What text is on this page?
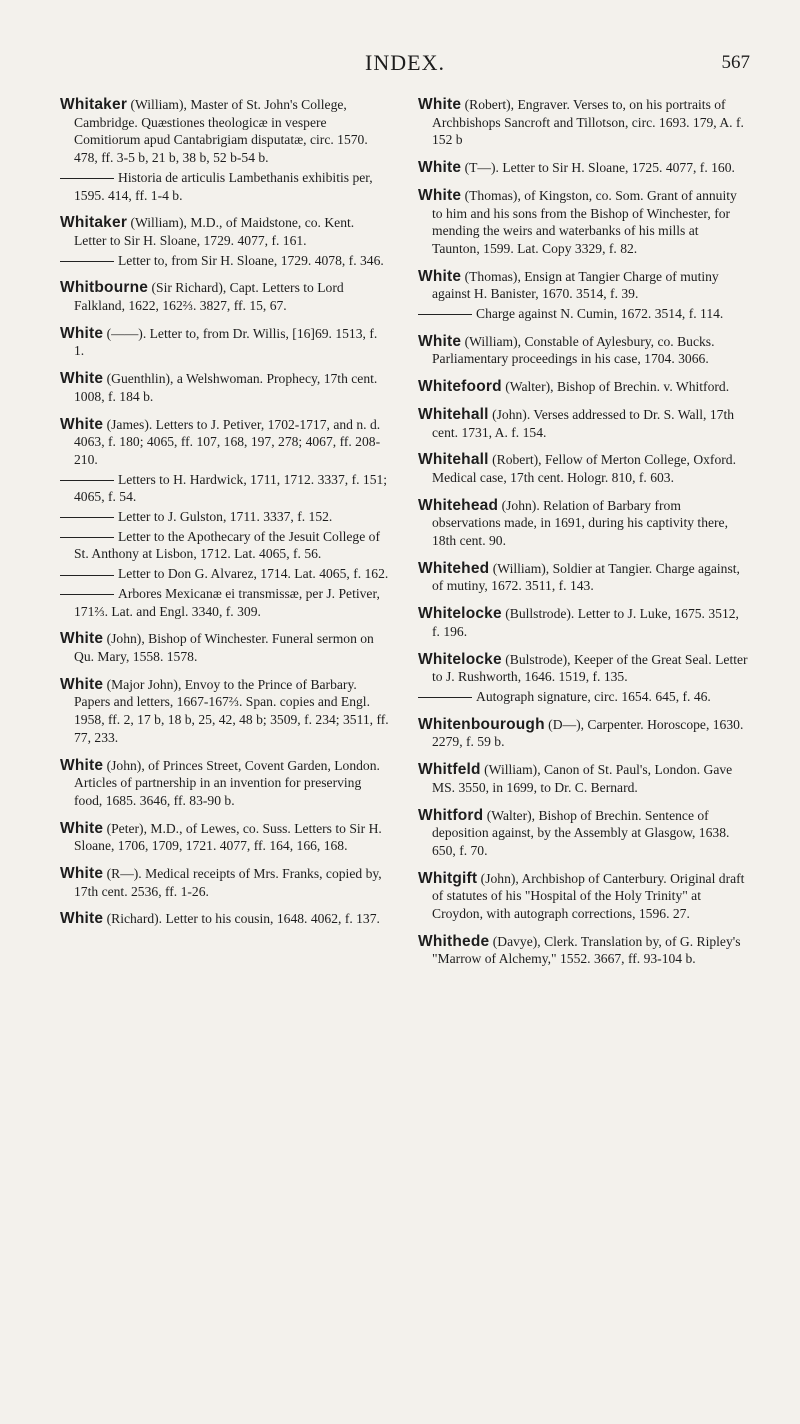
INDEX.	567

Whitaker (William), Master of St. John's College, Cambridge. Quæstiones theologicæ in vespere Comitiorum apud Cantabrigiam disputatæ, circ. 1570. 478, ff. 3-5 b, 21 b, 38 b, 52 b-54 b.

Historia de articulis Lambethanis exhibitis per, 1595. 414, ff. 1-4 b.

Whitaker (William), M.D., of Maidstone, co. Kent. Letter to Sir H. Sloane, 1729. 4077, f. 161.

Letter to, from Sir H. Sloane, 1729. 4078, f. 346.

Whitbourne (Sir Richard), Capt. Letters to Lord Falkland, 1622, 162⅔. 3827, ff. 15, 67.

White (——). Letter to, from Dr. Willis, [16]69. 1513, f. 1.

White (Guenthlin), a Welshwoman. Prophecy, 17th cent. 1008, f. 184 b.

White (James). Letters to J. Petiver, 1702-1717, and n. d. 4063, f. 180; 4065, ff. 107, 168, 197, 278; 4067, ff. 208-210.

Letters to H. Hardwick, 1711, 1712. 3337, f. 151; 4065, f. 54.

Letter to J. Gulston, 1711. 3337, f. 152.

Letter to the Apothecary of the Jesuit College of St. Anthony at Lisbon, 1712. Lat. 4065, f. 56.

Letter to Don G. Alvarez, 1714. Lat. 4065, f. 162.

Arbores Mexicanæ ei transmissæ, per J. Petiver, 171⅔. Lat. and Engl. 3340, f. 309.

White (John), Bishop of Winchester. Funeral sermon on Qu. Mary, 1558. 1578.

White (Major John), Envoy to the Prince of Barbary. Papers and letters, 1667-167⅔. Span. copies and Engl. 1958, ff. 2, 17 b, 18 b, 25, 42, 48 b; 3509, f. 234; 3511, ff. 77, 233.

White (John), of Princes Street, Covent Garden, London. Articles of partnership in an invention for preserving food, 1685. 3646, ff. 83-90 b.

White (Peter), M.D., of Lewes, co. Suss. Letters to Sir H. Sloane, 1706, 1709, 1721. 4077, ff. 164, 166, 168.

White (R—). Medical receipts of Mrs. Franks, copied by, 17th cent. 2536, ff. 1-26.

White (Richard). Letter to his cousin, 1648. 4062, f. 137.

White (Robert), Engraver. Verses to, on his portraits of Archbishops Sancroft and Tillotson, circ. 1693. 179, A. f. 152 b

White (T—). Letter to Sir H. Sloane, 1725. 4077, f. 160.

White (Thomas), of Kingston, co. Som. Grant of annuity to him and his sons from the Bishop of Winchester, for mending the weirs and waterbanks of his mills at Taunton, 1599. Lat. Copy 3329, f. 82.

White (Thomas), Ensign at Tangier Charge of mutiny against H. Banister, 1670. 3514, f. 39.

Charge against N. Cumin, 1672. 3514, f. 114.

White (William), Constable of Aylesbury, co. Bucks. Parliamentary proceedings in his case, 1704. 3066.

Whitefoord (Walter), Bishop of Brechin. v. Whitford.

Whitehall (John). Verses addressed to Dr. S. Wall, 17th cent. 1731, A. f. 154.

Whitehall (Robert), Fellow of Merton College, Oxford. Medical case, 17th cent. Hologr. 810, f. 603.

Whitehead (John). Relation of Barbary from observations made, in 1691, during his captivity there, 18th cent. 90.

Whitehed (William), Soldier at Tangier. Charge against, of mutiny, 1672. 3511, f. 143.

Whitelocke (Bullstrode). Letter to J. Luke, 1675. 3512, f. 196.

Whitelocke (Bulstrode), Keeper of the Great Seal. Letter to J. Rushworth, 1646. 1519, f. 135.

Autograph signature, circ. 1654. 645, f. 46.

Whitenbourough (D—), Carpenter. Horoscope, 1630. 2279, f. 59 b.

Whitfeld (William), Canon of St. Paul's, London. Gave MS. 3550, in 1699, to Dr. C. Bernard.

Whitford (Walter), Bishop of Brechin. Sentence of deposition against, by the Assembly at Glasgow, 1638. 650, f. 70.

Whitgift (John), Archbishop of Canterbury. Original draft of statutes of his "Hospital of the Holy Trinity" at Croydon, with autograph corrections, 1596. 27.

Whithede (Davye), Clerk. Translation by, of G. Ripley's "Marrow of Alchemy," 1552. 3667, ff. 93-104 b.
